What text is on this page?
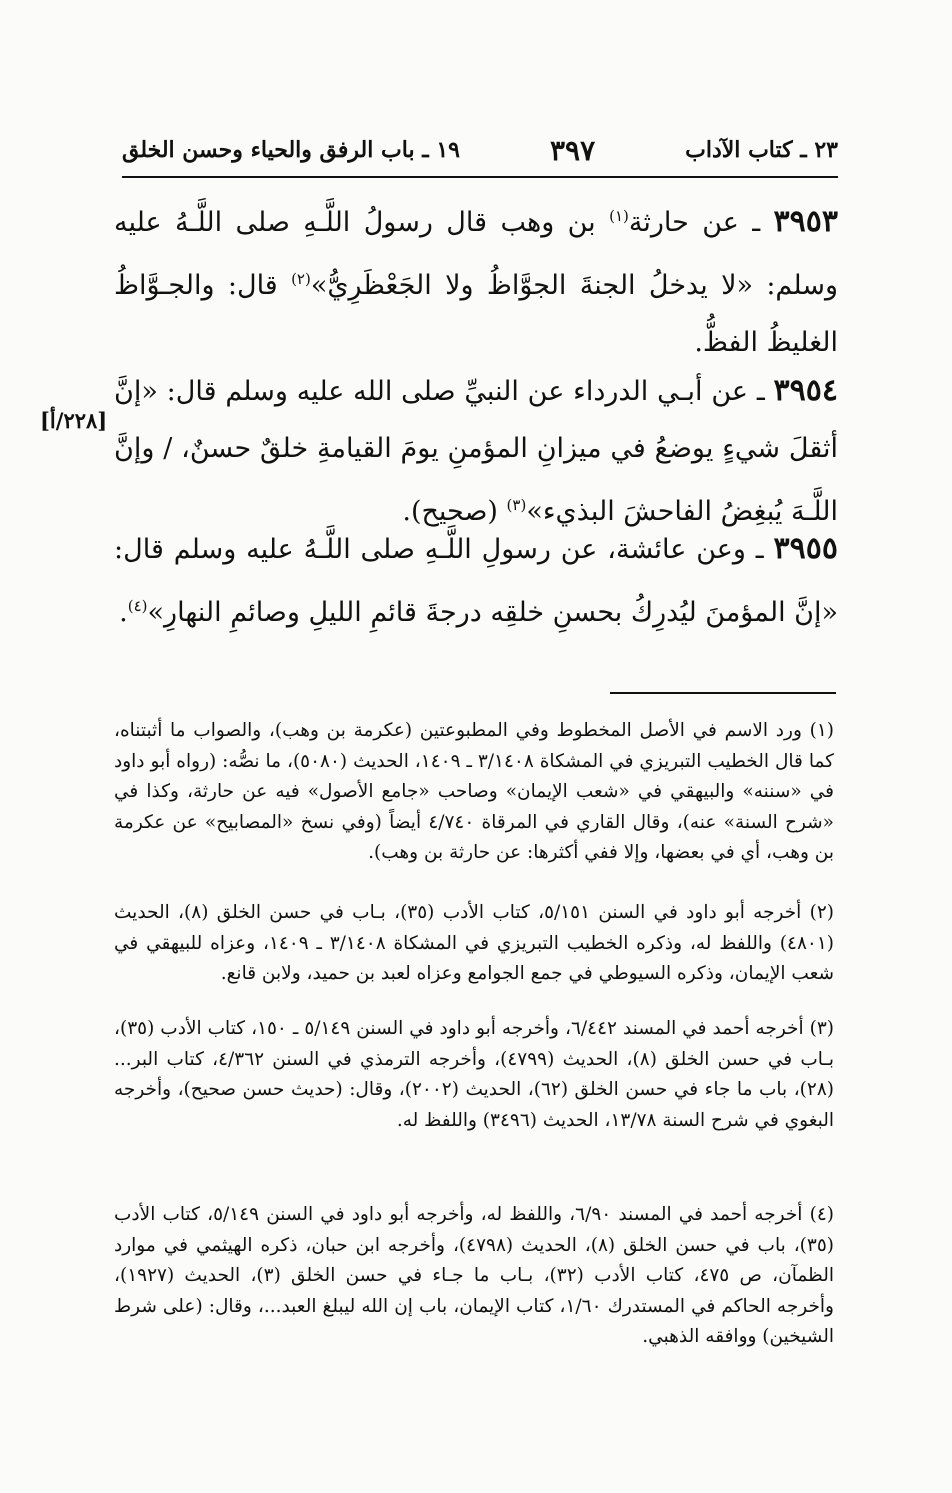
٢٣ ـ كتاب الآداب
٣٩٧
١٩ ـ باب الرفق والحياء وحسن الخلق
٣٩٥٣ ـ عن حارثة$^{(١)}$ بن وهب قال رسولُ اللَّـهِ صلى اللَّـهُ عليه وسلم: «لا يدخلُ الجنةَ الجوَّاظُ ولا الجَعْظَرِيُّ»$^{(٢)}$ قال: والجـوَّاظُ الغليظُ الفظُّ.
٣٩٥٤ ـ عن أبـي الدرداء عن النبيِّ صلى الله عليه وسلم قال: «إنَّ أثقلَ شيءٍ يوضعُ في ميزانِ المؤمنِ يومَ القيامةِ خلقٌ حسنٌ، / وإنَّ اللَّـهَ يُبغِضُ الفاحشَ البذيء»$^{(٣)}$ (صحيح).
[٢٢٨/أ]
٣٩٥٥ ـ وعن عائشة، عن رسولِ اللَّـهِ صلى اللَّـهُ عليه وسلم قال: «إنَّ المؤمنَ ليُدرِكُ بحسنِ خلقِه درجةَ قائمِ الليلِ وصائمِ النهارِ»$^{(٤)}$.
(١) ورد الاسم في الأصل المخطوط وفي المطبوعتين (عكرمة بن وهب)، والصواب ما أثبتناه، كما قال الخطيب التبريزي في المشكاة ٣/١٤٠٨ ـ ١٤٠٩، الحديث (٥٠٨٠)، ما نصُّه: (رواه أبو داود في «سننه» والبيهقي في «شعب الإيمان» وصاحب «جامع الأصول» فيه عن حارثة، وكذا في «شرح السنة» عنه)، وقال القاري في المرقاة ٤/٧٤٠ أيضاً (وفي نسخ «المصابيح» عن عكرمة بن وهب، أي في بعضها، وإلا ففي أكثرها: عن حارثة بن وهب).
(٢) أخرجه أبو داود في السنن ٥/١٥١، كتاب الأدب (٣٥)، بـاب في حسن الخلق (٨)، الحديث (٤٨٠١) واللفظ له، وذكره الخطيب التبريزي في المشكاة ٣/١٤٠٨ ـ ١٤٠٩، وعزاه للبيهقي في شعب الإيمان، وذكره السيوطي في جمع الجوامع وعزاه لعبد بن حميد، ولابن قانع.
(٣) أخرجه أحمد في المسند ٦/٤٤٢، وأخرجه أبو داود في السنن ٥/١٤٩ ـ ١٥٠، كتاب الأدب (٣٥)، بـاب في حسن الخلق (٨)، الحديث (٤٧٩٩)، وأخرجه الترمذي في السنن ٤/٣٦٢، كتاب البر... (٢٨)، باب ما جاء في حسن الخلق (٦٢)، الحديث (٢٠٠٢)، وقال: (حديث حسن صحيح)، وأخرجه البغوي في شرح السنة ١٣/٧٨، الحديث (٣٤٩٦) واللفظ له.
(٤) أخرجه أحمد في المسند ٦/٩٠، واللفظ له، وأخرجه أبو داود في السنن ٥/١٤٩، كتاب الأدب (٣٥)، باب في حسن الخلق (٨)، الحديث (٤٧٩٨)، وأخرجه ابن حبان، ذكره الهيثمي في موارد الظمآن، ص ٤٧٥، كتاب الأدب (٣٢)، بـاب ما جـاء في حسن الخلق (٣)، الحديث (١٩٢٧)، وأخرجه الحاكم في المستدرك ١/٦٠، كتاب الإيمان، باب إن الله ليبلغ العبد...، وقال: (على شرط الشيخين) ووافقه الذهبي.
